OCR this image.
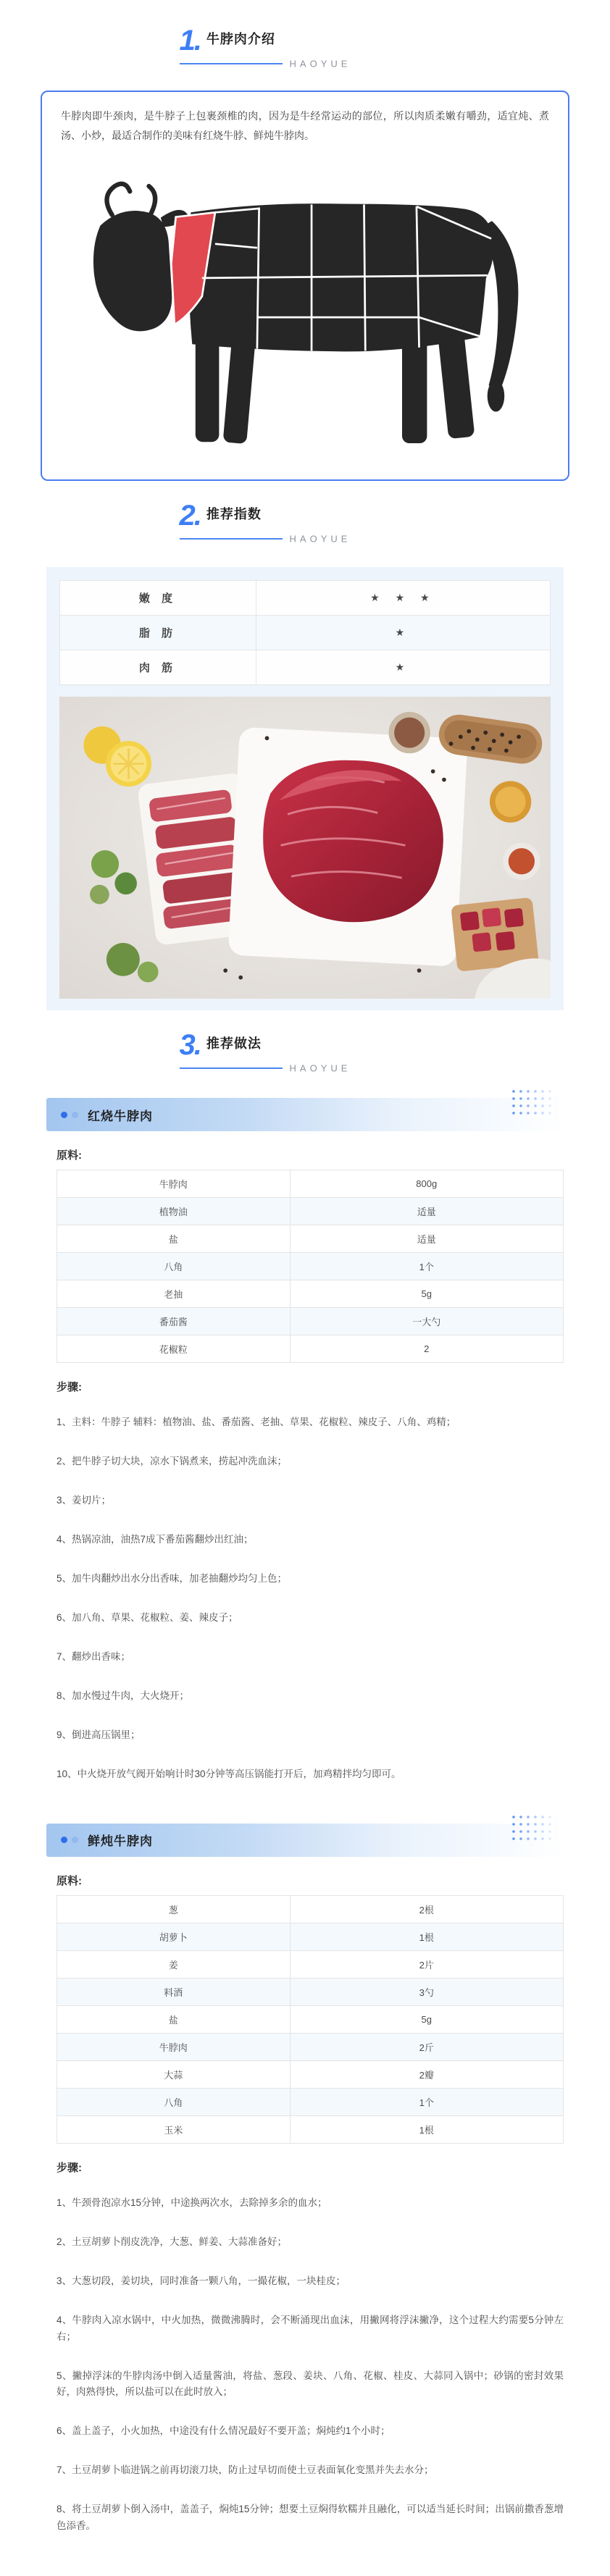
1. 牛脖肉介绍
HAOYUE

牛脖肉即牛颈肉，是牛脖子上包裹颈椎的肉，因为是牛经常运动的部位，所以肉质柔嫩有嚼劲，适宜炖、煮汤、小炒，最适合制作的美味有红烧牛脖、鲜炖牛脖肉。

2. 推荐指数
HAOYUE
嫩 度	★ ★ ★
脂 肪	★
肉 筋	★
3. 推荐做法
HAOYUE
红烧牛脖肉
原料:
牛脖肉	800g
植物油	适量
盐	适量
八角	1个
老抽	5g
番茄酱	一大勺
花椒粒	2
步骤:

1、主料：牛脖子 辅料：植物油、盐、番茄酱、老抽、草果、花椒粒、辣皮子、八角、鸡精；

2、把牛脖子切大块，凉水下锅煮来，捞起冲洗血沫；

3、姜切片；

4、热锅凉油，油热7成下番茄酱翻炒出红油；

5、加牛肉翻炒出水分出香味，加老抽翻炒均匀上色；

6、加八角、草果、花椒粒、姜、辣皮子；

7、翻炒出香味；

8、加水慢过牛肉，大火烧开；

9、倒进高压锅里；

10、中火烧开放气阀开始响计时30分钟等高压锅能打开后，加鸡精拌均匀即可。

鲜炖牛脖肉
原料:
葱	2根
胡萝卜	1根
姜	2片
料酒	3勺
盐	5g
牛脖肉	2斤
大蒜	2瓣
八角	1个
玉米	1根
步骤:

1、牛颈骨泡凉水15分钟，中途换两次水，去除掉多余的血水；

2、土豆胡萝卜削皮洗净，大葱、鲜姜、大蒜准备好；

3、大葱切段，姜切块，同时准备一颗八角，一撮花椒，一块桂皮；

4、牛脖肉入凉水锅中，中火加热，微微沸腾时，会不断涌现出血沫，用撇网将浮沫撇净，这个过程大约需要5分钟左右；

5、撇掉浮沫的牛脖肉汤中倒入适量酱油，将盐、葱段、姜块、八角、花椒、桂皮、大蒜同入锅中；砂锅的密封效果好，肉熟得快，所以盐可以在此时放入；

6、盖上盖子，小火加热，中途没有什么情况最好不要开盖；焖炖约1个小时；

7、土豆胡萝卜临进锅之前再切滚刀块，防止过早切而使土豆表面氧化变黑并失去水分；

8、将土豆胡萝卜倒入汤中，盖盖子，焖炖15分钟；想要土豆焖得软糯并且融化，可以适当延长时间；出锅前撒香葱增色添香。
